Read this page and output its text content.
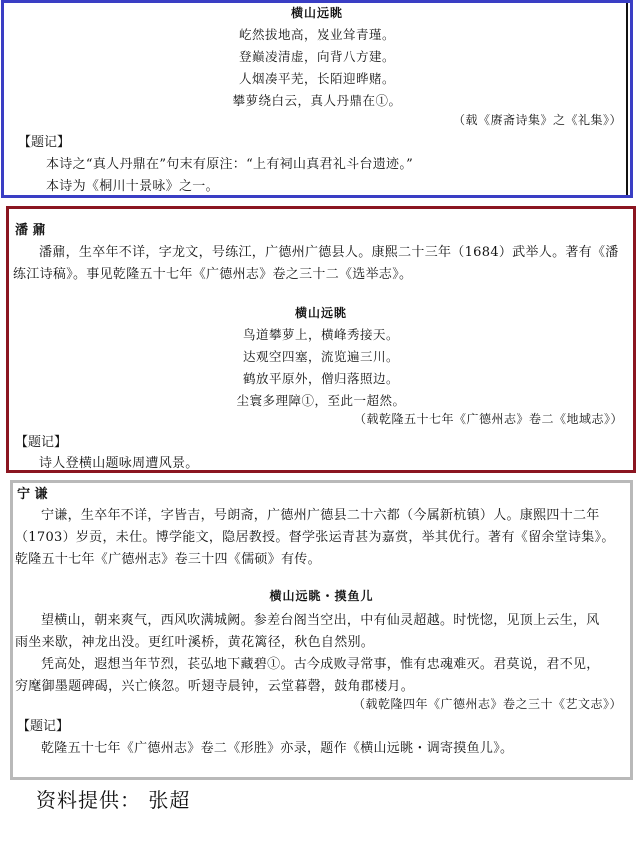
横山远眺
屹然拔地高，岌业耸青瑾。
登巅凌清虚，向背八方建。
人烟凑平芜，长陌迎晔赌。
攀萝绕白云，真人丹鼎在①。
（载《赓斋诗集》之《礼集》）
【题记】
本诗之“真人丹鼎在”句末有原注：“上有祠山真君礼斗台遗迹。”
本诗为《桐川十景咏》之一。
潘 鼐
潘鼐，生卒年不详，字龙文，号练江，广德州广德县人。康熙二十三年（1684）武举人。著有《潘
练江诗稿》。事见乾隆五十七年《广德州志》卷之三十二《选举志》。
横山远眺
鸟道攀萝上，横峰秀接天。
达观空四塞，流览遍三川。
鹤放平原外，僧归落照边。
尘寰多理障①，至此一超然。
（载乾隆五十七年《广德州志》卷二《地域志》）
【题记】
诗人登横山题咏周遭风景。
宁 谦
宁谦，生卒年不详，字皆吉，号朗斋，广德州广德县二十六都（今属新杭镇）人。康熙四十二年
（1703）岁贡，未仕。博学能文，隐居教授。督学张运青甚为嘉赏，举其优行。著有《留余堂诗集》。
乾隆五十七年《广德州志》卷三十四《儒硕》有传。
横山远眺・摸鱼儿
望横山，朝来爽气，西风吹满城阙。参差台阁当空出，中有仙灵超越。时恍惚，见顶上云生，风
雨坐来歇，神龙出没。更红叶溪桥，黄花篱径，秋色自然别。
凭高处，遐想当年节烈，苌弘地下藏碧①。古今成败寻常事，惟有忠魂难灭。君莫说，君不见，
穷麾御墨题碑碣，兴亡倏忽。听翅寺晨钟，云堂暮磬，鼓角郡楼月。
（载乾隆四年《广德州志》卷之三十《艺文志》）
【题记】
乾隆五十七年《广德州志》卷二《形胜》亦录，题作《横山远眺・调寄摸鱼儿》。
资料提供： 张超
